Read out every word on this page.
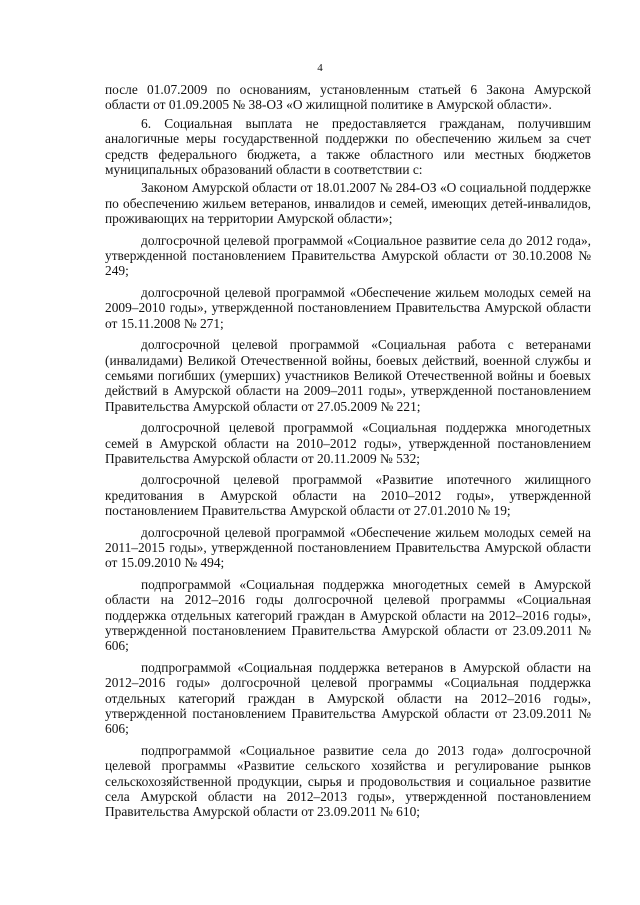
4

после 01.07.2009 по основаниям, установленным статьей 6 Закона Амурской области от 01.09.2005 № 38-ОЗ «О жилищной политике в Амурской области».

6. Социальная выплата не предоставляется гражданам, получившим аналогичные меры государственной поддержки по обеспечению жильем за счет средств федерального бюджета, а также областного или местных бюджетов муниципальных образований области в соответствии с:

Законом Амурской области от 18.01.2007 № 284-ОЗ «О социальной поддержке по обеспечению жильем ветеранов, инвалидов и семей, имеющих детей-инвалидов, проживающих на территории Амурской области»;

долгосрочной целевой программой «Социальное развитие села до 2012 года», утвержденной постановлением Правительства Амурской области от 30.10.2008 № 249;

долгосрочной целевой программой «Обеспечение жильем молодых семей на 2009–2010 годы», утвержденной постановлением Правительства Амурской области от 15.11.2008 № 271;

долгосрочной целевой программой «Социальная работа с ветеранами (инвалидами) Великой Отечественной войны, боевых действий, военной службы и семьями погибших (умерших) участников Великой Отечественной войны и боевых действий в Амурской области на 2009–2011 годы», утвержденной постановлением Правительства Амурской области от 27.05.2009 № 221;

долгосрочной целевой программой «Социальная поддержка многодетных семей в Амурской области на 2010–2012 годы», утвержденной постановлением Правительства Амурской области от 20.11.2009 № 532;

долгосрочной целевой программой «Развитие ипотечного жилищного кредитования в Амурской области на 2010–2012 годы», утвержденной постановлением Правительства Амурской области от 27.01.2010 № 19;

долгосрочной целевой программой «Обеспечение жильем молодых семей на 2011–2015 годы», утвержденной постановлением Правительства Амурской области от 15.09.2010 № 494;

подпрограммой «Социальная поддержка многодетных семей в Амурской области на 2012–2016 годы долгосрочной целевой программы «Социальная поддержка отдельных категорий граждан в Амурской области на 2012–2016 годы», утвержденной постановлением Правительства Амурской области от 23.09.2011 № 606;

подпрограммой «Социальная поддержка ветеранов в Амурской области на 2012–2016 годы» долгосрочной целевой программы «Социальная поддержка отдельных категорий граждан в Амурской области на 2012–2016 годы», утвержденной постановлением Правительства Амурской области от 23.09.2011 № 606;

подпрограммой «Социальное развитие села до 2013 года» долгосрочной целевой программы «Развитие сельского хозяйства и регулирование рынков сельскохозяйственной продукции, сырья и продовольствия и социальное развитие села Амурской области на 2012–2013 годы», утвержденной постановлением Правительства Амурской области от 23.09.2011 № 610;
